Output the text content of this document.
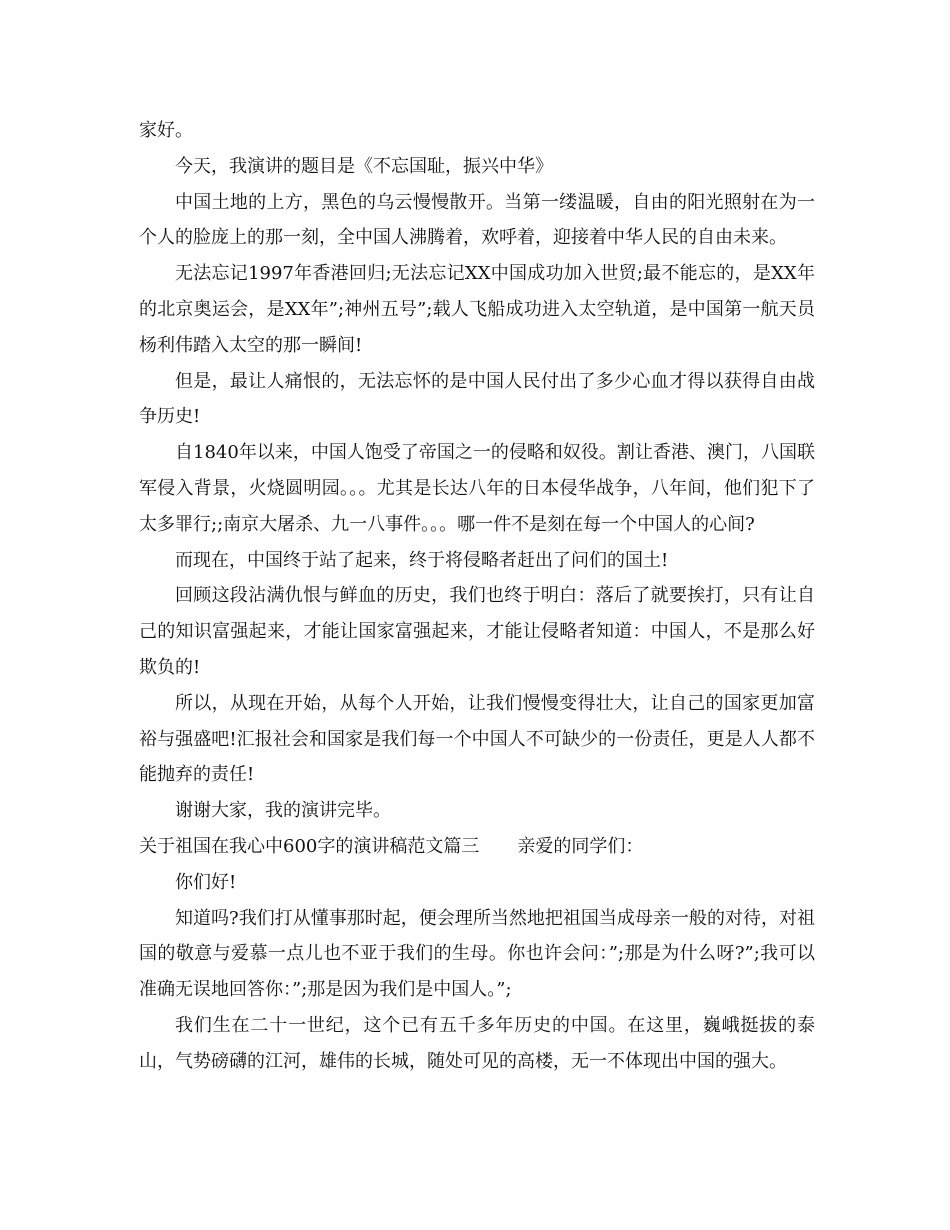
家好。

今天，我演讲的题目是《不忘国耻，振兴中华》

中国土地的上方，黑色的乌云慢慢散开。当第一缕温暖，自由的阳光照射在为一个人的脸庞上的那一刻，全中国人沸腾着，欢呼着，迎接着中华人民的自由未来。

无法忘记1997年香港回归;无法忘记XX中国成功加入世贸;最不能忘的，是XX年的北京奥运会，是XX年”;神州五号”;载人飞船成功进入太空轨道，是中国第一航天员杨利伟踏入太空的那一瞬间!

但是，最让人痛恨的，无法忘怀的是中国人民付出了多少心血才得以获得自由战争历史!

自1840年以来，中国人饱受了帝国之一的侵略和奴役。割让香港、澳门，八国联军侵入背景，火烧圆明园。。。尤其是长达八年的日本侵华战争，八年间，他们犯下了太多罪行;;南京大屠杀、九一八事件。。。哪一件不是刻在每一个中国人的心间?

而现在，中国终于站了起来，终于将侵略者赶出了问们的国土!

回顾这段沾满仇恨与鲜血的历史，我们也终于明白：落后了就要挨打，只有让自己的知识富强起来，才能让国家富强起来，才能让侵略者知道：中国人，不是那么好欺负的!

所以，从现在开始，从每个人开始，让我们慢慢变得壮大，让自己的国家更加富裕与强盛吧!汇报社会和国家是我们每一个中国人不可缺少的一份责任，更是人人都不能抛弃的责任!

谢谢大家，我的演讲完毕。

关于祖国在我心中600字的演讲稿范文篇三 亲爱的同学们：

你们好!

知道吗?我们打从懂事那时起，便会理所当然地把祖国当成母亲一般的对待，对祖国的敬意与爱慕一点儿也不亚于我们的生母。你也许会问：”;那是为什么呀?”;我可以准确无误地回答你：”;那是因为我们是中国人。”;

我们生在二十一世纪，这个已有五千多年历史的中国。在这里，巍峨挺拔的泰山，气势磅礴的江河，雄伟的长城，随处可见的高楼，无一不体现出中国的强大。
